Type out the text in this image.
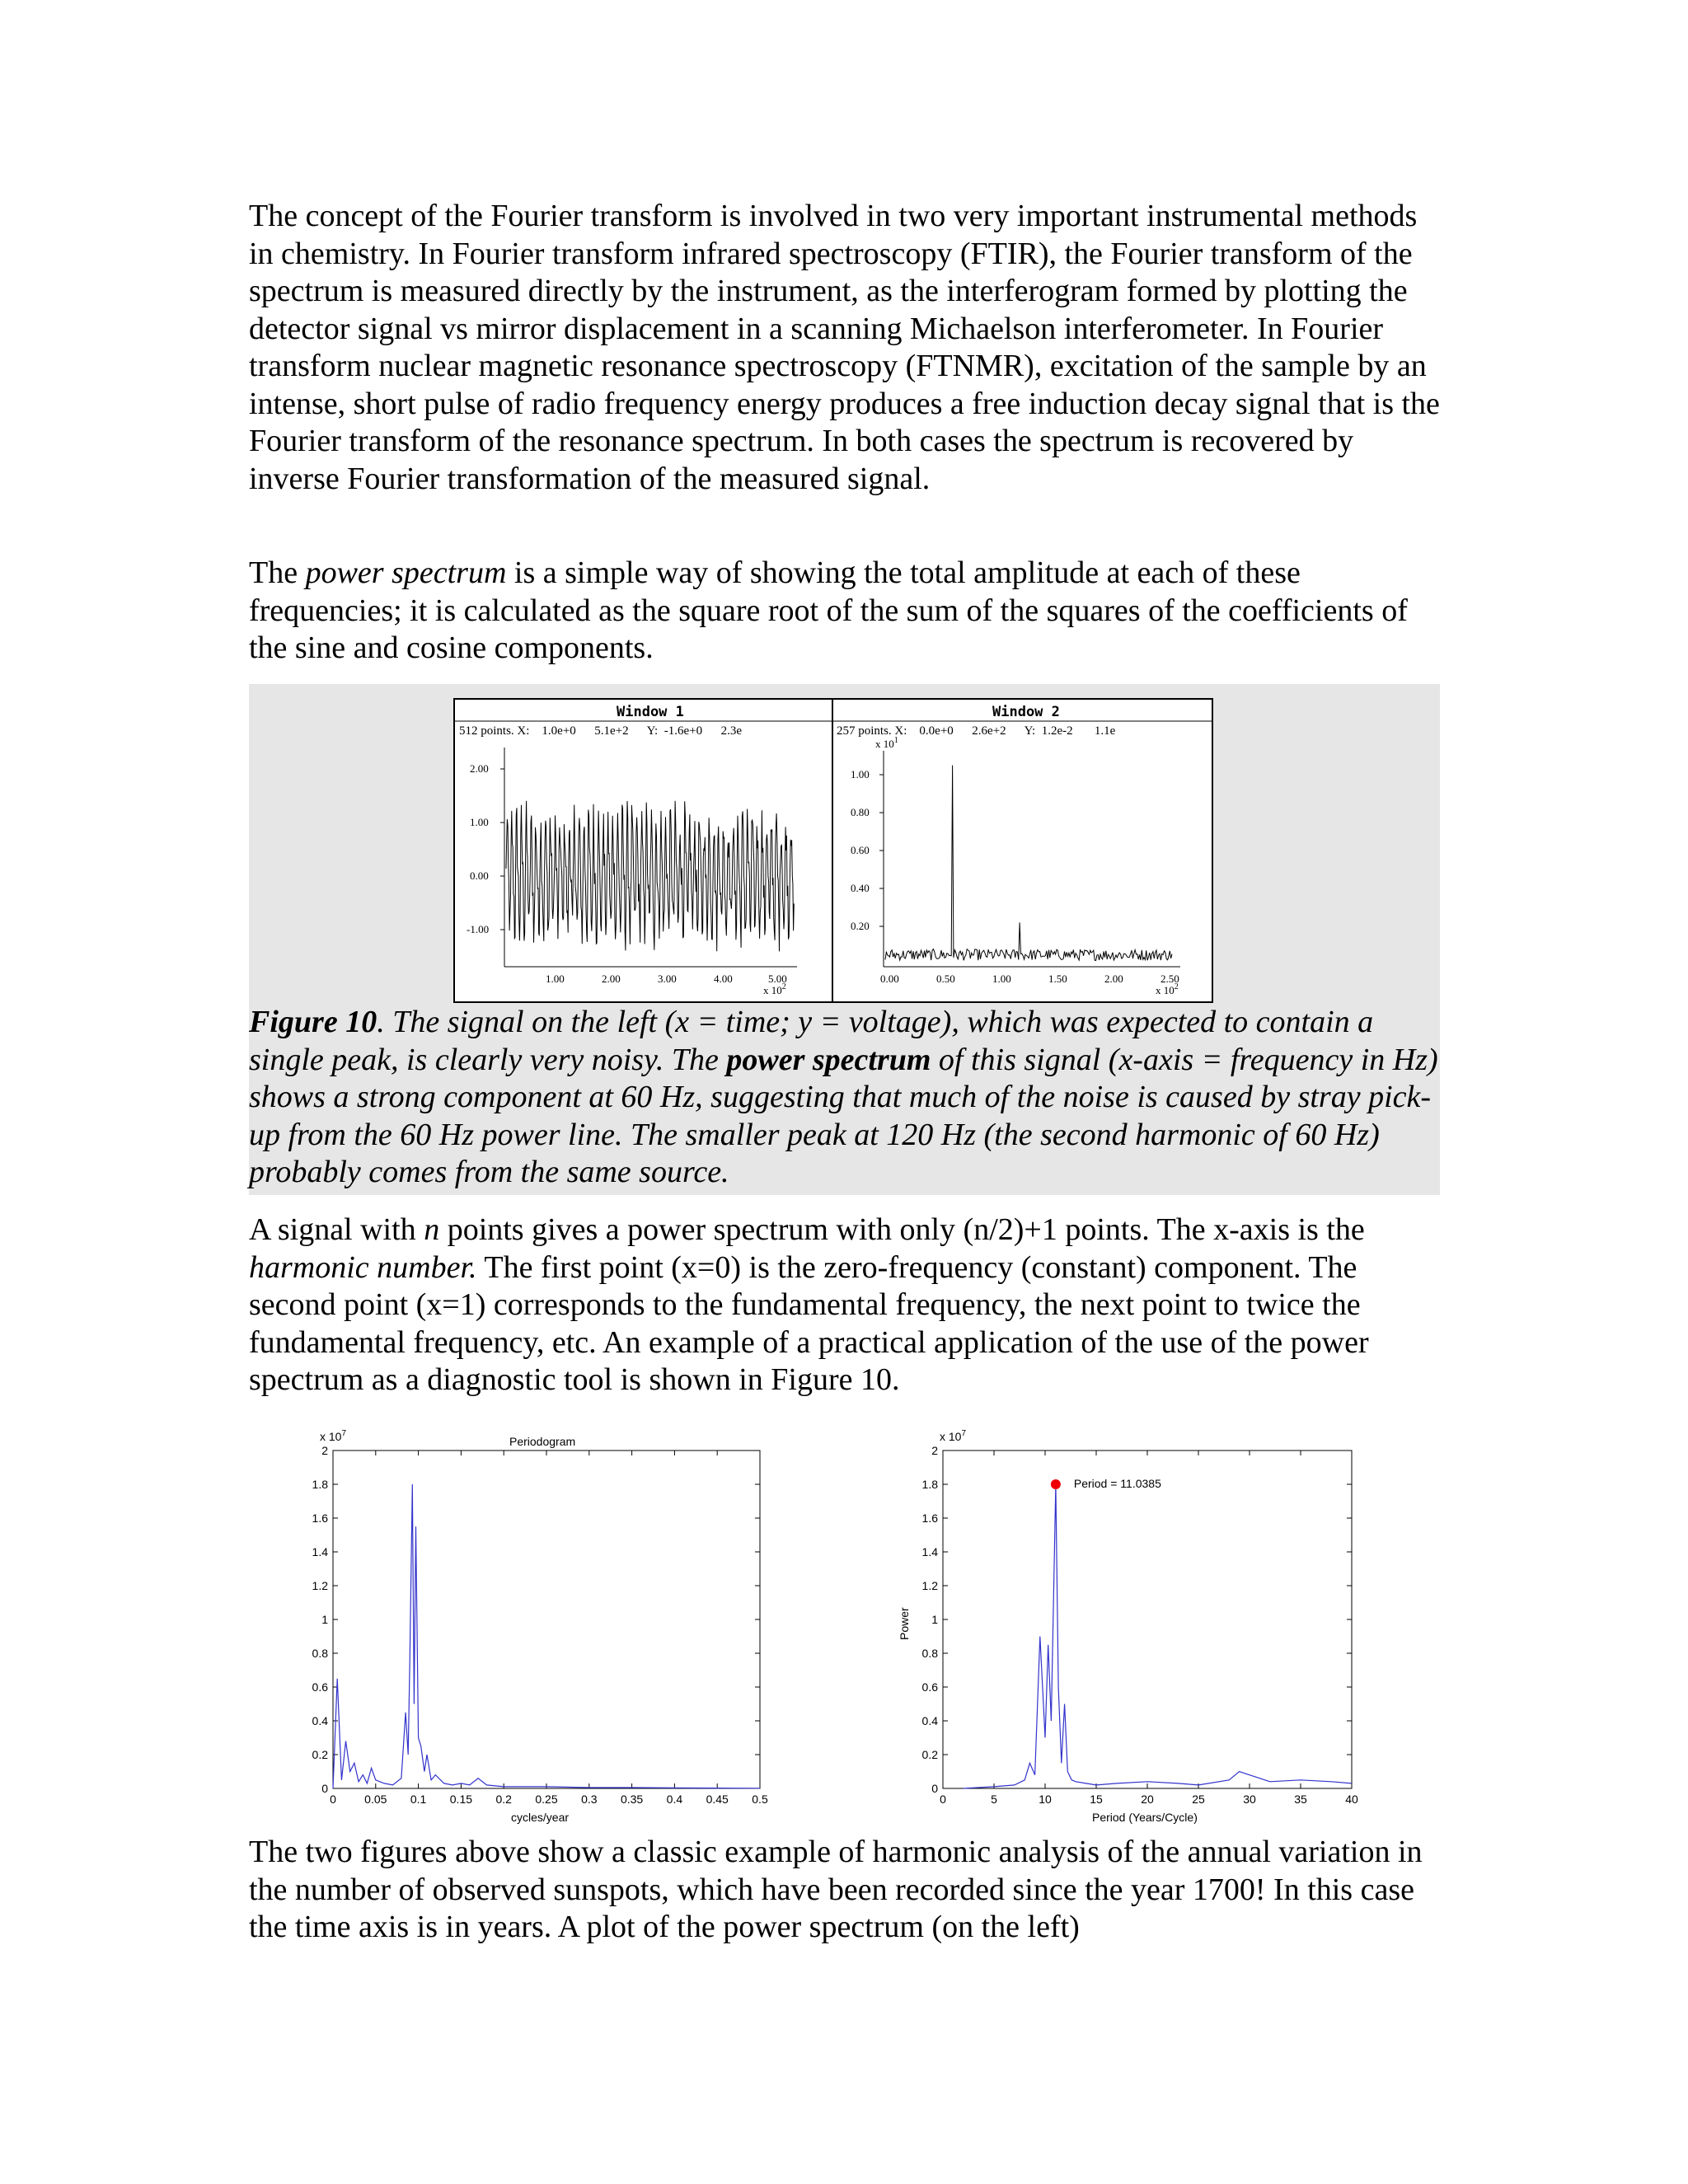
The concept of the Fourier transform is involved in two very important instrumental methods in chemistry. In Fourier transform infrared spectroscopy (FTIR), the Fourier transform of the spectrum is measured directly by the instrument, as the interferogram formed by plotting the detector signal vs mirror displacement in a scanning Michaelson interferometer. In Fourier transform nuclear magnetic resonance spectroscopy (FTNMR), excitation of the sample by an intense, short pulse of radio frequency energy produces a free induction decay signal that is the Fourier transform of the resonance spectrum. In both cases the spectrum is recovered by inverse Fourier transformation of the measured signal.

The power spectrum is a simple way of showing the total amplitude at each of these frequencies; it is calculated as the square root of the sum of the squares of the coefficients of the sine and cosine components.

Window 1
512 points. X:    1.0e+0      5.1e+2      Y:  -1.6e+0      2.3e
Window 2
257 points. X:    0.0e+0      2.6e+2      Y:  1.2e-2       1.1e
2.00
1.00
0.00
-1.00
1.00	2.00	3.00	4.00	5.00
x $10^2$
x $10^1$
1.00
0.80
0.60
0.40
0.20
0.00	0.50	1.00	1.50	2.00	2.50
x $10^2$

Figure 10. The signal on the left (x = time; y = voltage), which was expected to contain a single peak, is clearly very noisy. The power spectrum of this signal (x-axis = frequency in Hz) shows a strong component at 60 Hz, suggesting that much of the noise is caused by stray pick-up from the 60 Hz power line. The smaller peak at 120 Hz (the second harmonic of 60 Hz) probably comes from the same source.

A signal with n points gives a power spectrum with only (n/2)+1 points. The x-axis is the harmonic number. The first point (x=0) is the zero-frequency (constant) component. The second point (x=1) corresponds to the fundamental frequency, the next point to twice the fundamental frequency, etc. An example of a practical application of the use of the power spectrum as a diagnostic tool is shown in Figure 10.

Periodogram
x $10^7$
0
0.2
0.4
0.6
0.8
1
1.2
1.4
1.6
1.8
2
0 0.05 0.1 0.15 0.2 0.25 0.3 0.35 0.4 0.45 0.5
cycles/year
x $10^7$
Power
0
0.2
0.4
0.6
0.8
1
1.2
1.4
1.6
1.8
2
0	5	10	15	20	25	30	35	40
Period (Years/Cycle)
Period = 11.0385

The two figures above show a classic example of harmonic analysis of the annual variation in the number of observed sunspots, which have been recorded since the year 1700! In this case the time axis is in years. A plot of the power spectrum (on the left)
